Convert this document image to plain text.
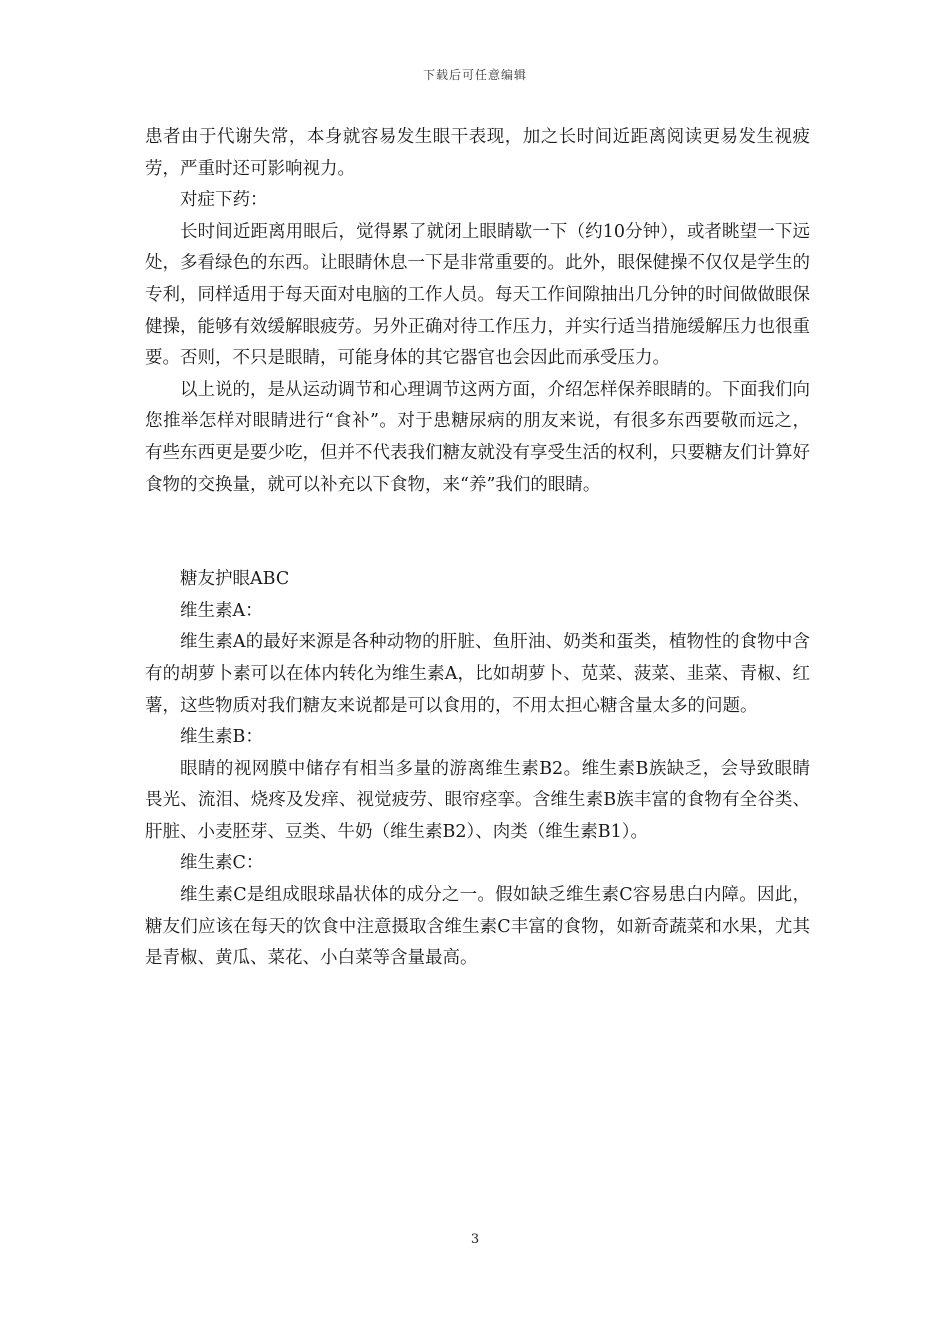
下载后可任意编辑

患者由于代谢失常，本身就容易发生眼干表现，加之长时间近距离阅读更易发生视疲劳，严重时还可影响视力。

对症下药：

长时间近距离用眼后，觉得累了就闭上眼睛歇一下（约10分钟），或者眺望一下远处，多看绿色的东西。让眼睛休息一下是非常重要的。此外，眼保健操不仅仅是学生的专利，同样适用于每天面对电脑的工作人员。每天工作间隙抽出几分钟的时间做做眼保健操，能够有效缓解眼疲劳。另外正确对待工作压力，并实行适当措施缓解压力也很重要。否则，不只是眼睛，可能身体的其它器官也会因此而承受压力。

以上说的，是从运动调节和心理调节这两方面，介绍怎样保养眼睛的。下面我们向您推举怎样对眼睛进行“食补”。对于患糖尿病的朋友来说，有很多东西要敬而远之，有些东西更是要少吃，但并不代表我们糖友就没有享受生活的权利，只要糖友们计算好食物的交换量，就可以补充以下食物，来“养”我们的眼睛。

糖友护眼ABC

维生素A：

维生素A的最好来源是各种动物的肝脏、鱼肝油、奶类和蛋类，植物性的食物中含有的胡萝卜素可以在体内转化为维生素A，比如胡萝卜、苋菜、菠菜、韭菜、青椒、红薯，这些物质对我们糖友来说都是可以食用的，不用太担心糖含量太多的问题。

维生素B：

眼睛的视网膜中储存有相当多量的游离维生素B2。维生素B族缺乏，会导致眼睛畏光、流泪、烧疼及发痒、视觉疲劳、眼帘痉挛。含维生素B族丰富的食物有全谷类、肝脏、小麦胚芽、豆类、牛奶（维生素B2）、肉类（维生素B1）。

维生素C：

维生素C是组成眼球晶状体的成分之一。假如缺乏维生素C容易患白内障。因此，糖友们应该在每天的饮食中注意摄取含维生素C丰富的食物，如新奇蔬菜和水果，尤其是青椒、黄瓜、菜花、小白菜等含量最高。

3
